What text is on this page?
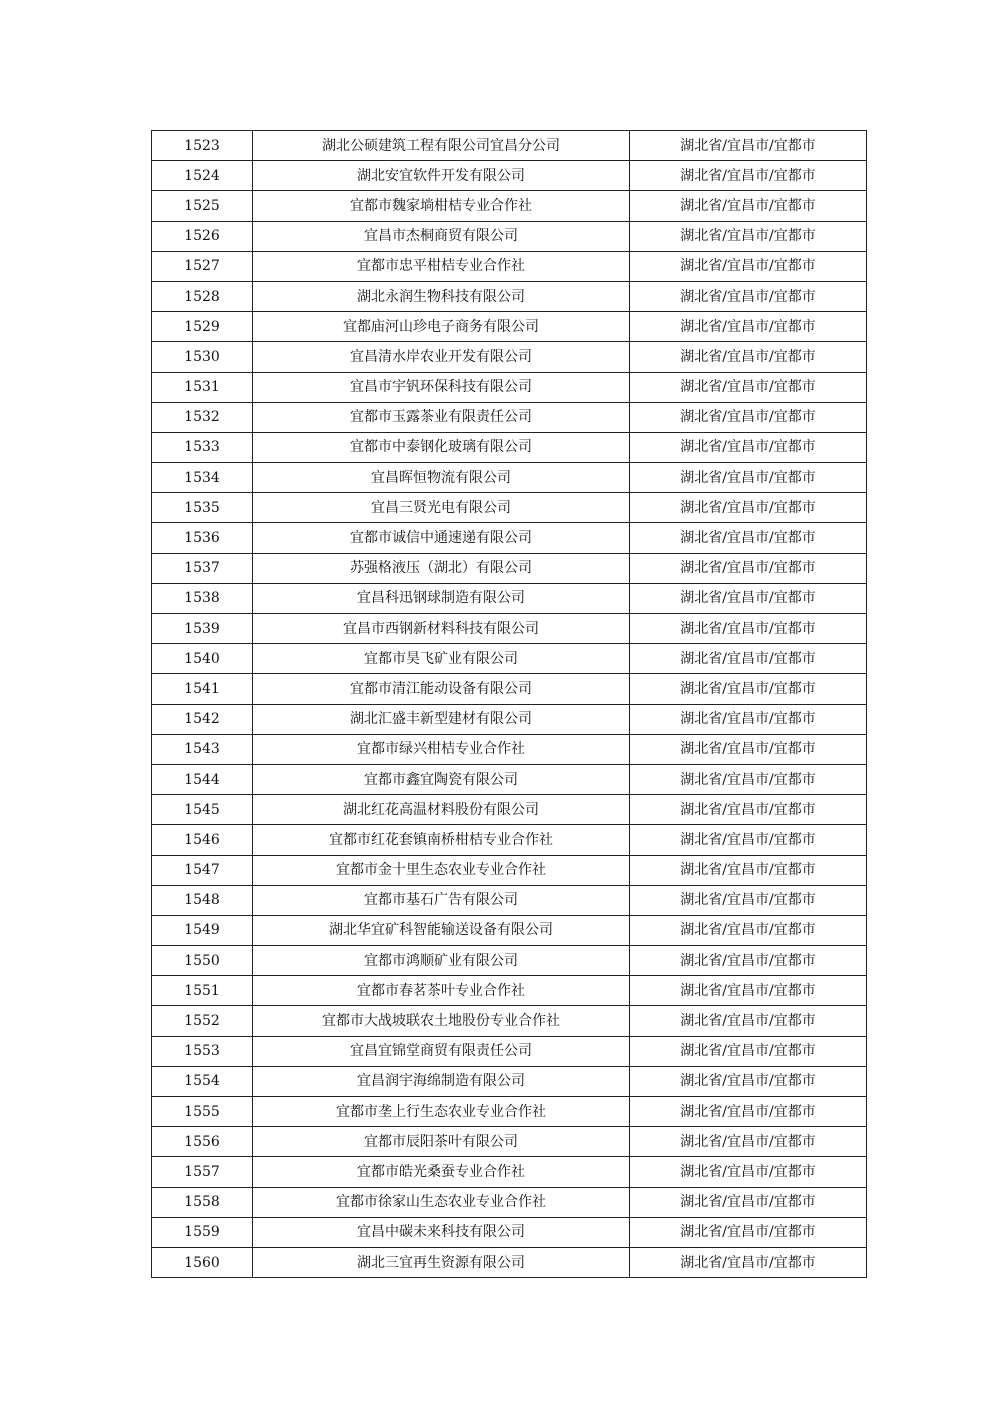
1523	湖北公硕建筑工程有限公司宜昌分公司	湖北省/宜昌市/宜都市
1524	湖北安宜软件开发有限公司	湖北省/宜昌市/宜都市
1525	宜都市魏家埫柑桔专业合作社	湖北省/宜昌市/宜都市
1526	宜昌市杰桐商贸有限公司	湖北省/宜昌市/宜都市
1527	宜都市忠平柑桔专业合作社	湖北省/宜昌市/宜都市
1528	湖北永润生物科技有限公司	湖北省/宜昌市/宜都市
1529	宜都庙河山珍电子商务有限公司	湖北省/宜昌市/宜都市
1530	宜昌清水岸农业开发有限公司	湖北省/宜昌市/宜都市
1531	宜昌市宇钒环保科技有限公司	湖北省/宜昌市/宜都市
1532	宜都市玉露茶业有限责任公司	湖北省/宜昌市/宜都市
1533	宜都市中泰钢化玻璃有限公司	湖北省/宜昌市/宜都市
1534	宜昌晖恒物流有限公司	湖北省/宜昌市/宜都市
1535	宜昌三贤光电有限公司	湖北省/宜昌市/宜都市
1536	宜都市诚信中通速递有限公司	湖北省/宜昌市/宜都市
1537	苏强格液压（湖北）有限公司	湖北省/宜昌市/宜都市
1538	宜昌科迅钢球制造有限公司	湖北省/宜昌市/宜都市
1539	宜昌市西钢新材料科技有限公司	湖北省/宜昌市/宜都市
1540	宜都市昊飞矿业有限公司	湖北省/宜昌市/宜都市
1541	宜都市清江能动设备有限公司	湖北省/宜昌市/宜都市
1542	湖北汇盛丰新型建材有限公司	湖北省/宜昌市/宜都市
1543	宜都市绿兴柑桔专业合作社	湖北省/宜昌市/宜都市
1544	宜都市鑫宜陶瓷有限公司	湖北省/宜昌市/宜都市
1545	湖北红花高温材料股份有限公司	湖北省/宜昌市/宜都市
1546	宜都市红花套镇南桥柑桔专业合作社	湖北省/宜昌市/宜都市
1547	宜都市金十里生态农业专业合作社	湖北省/宜昌市/宜都市
1548	宜都市基石广告有限公司	湖北省/宜昌市/宜都市
1549	湖北华宜矿科智能输送设备有限公司	湖北省/宜昌市/宜都市
1550	宜都市鸿顺矿业有限公司	湖北省/宜昌市/宜都市
1551	宜都市春茗茶叶专业合作社	湖北省/宜昌市/宜都市
1552	宜都市大战坡联农土地股份专业合作社	湖北省/宜昌市/宜都市
1553	宜昌宜锦堂商贸有限责任公司	湖北省/宜昌市/宜都市
1554	宜昌润宇海绵制造有限公司	湖北省/宜昌市/宜都市
1555	宜都市垄上行生态农业专业合作社	湖北省/宜昌市/宜都市
1556	宜都市辰阳茶叶有限公司	湖北省/宜昌市/宜都市
1557	宜都市皓光桑蚕专业合作社	湖北省/宜昌市/宜都市
1558	宜都市徐家山生态农业专业合作社	湖北省/宜昌市/宜都市
1559	宜昌中碳未来科技有限公司	湖北省/宜昌市/宜都市
1560	湖北三宜再生资源有限公司	湖北省/宜昌市/宜都市
